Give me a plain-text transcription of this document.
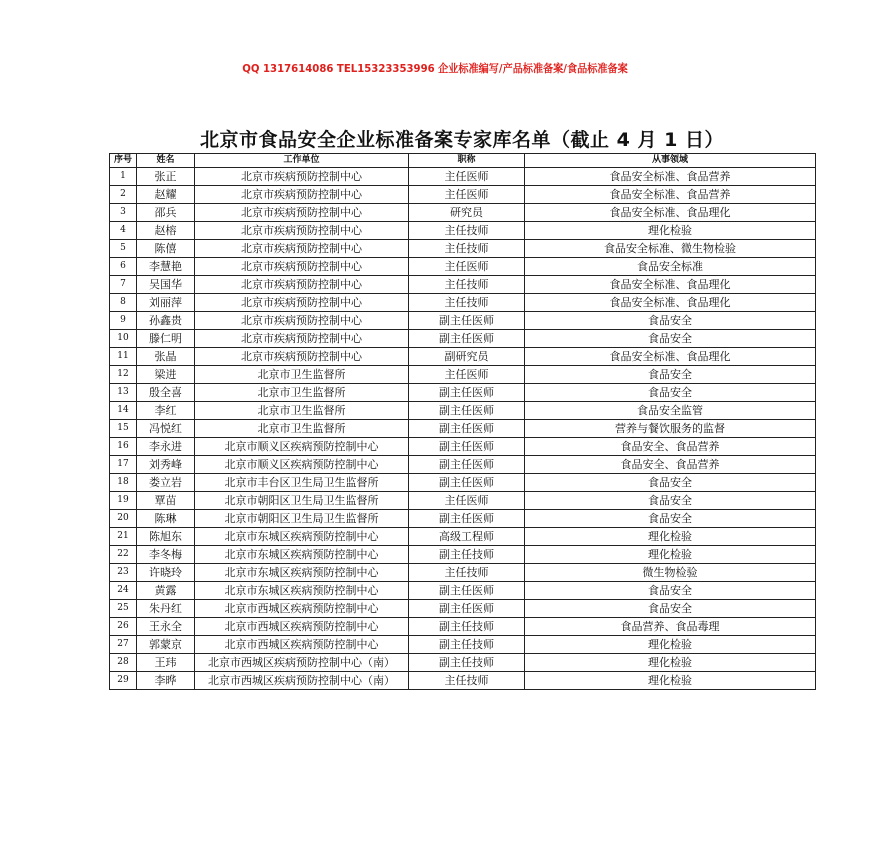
QQ 1317614086 TEL15323353996 企业标准编写/产品标准备案/食品标准备案
北京市食品安全企业标准备案专家库名单（截止 4 月 1 日）
序号	姓名	工作单位	职称	从事领域
1	张正	北京市疾病预防控制中心	主任医师	食品安全标准、食品营养
2	赵耀	北京市疾病预防控制中心	主任医师	食品安全标准、食品营养
3	邵兵	北京市疾病预防控制中心	研究员	食品安全标准、食品理化
4	赵榕	北京市疾病预防控制中心	主任技师	理化检验
5	陈僖	北京市疾病预防控制中心	主任技师	食品安全标准、微生物检验
6	李慧艳	北京市疾病预防控制中心	主任医师	食品安全标准
7	吴国华	北京市疾病预防控制中心	主任技师	食品安全标准、食品理化
8	刘丽萍	北京市疾病预防控制中心	主任技师	食品安全标准、食品理化
9	孙鑫贵	北京市疾病预防控制中心	副主任医师	食品安全
10	滕仁明	北京市疾病预防控制中心	副主任医师	食品安全
11	张晶	北京市疾病预防控制中心	副研究员	食品安全标准、食品理化
12	梁进	北京市卫生监督所	主任医师	食品安全
13	殷全喜	北京市卫生监督所	副主任医师	食品安全
14	李红	北京市卫生监督所	副主任医师	食品安全监管
15	冯悦红	北京市卫生监督所	副主任医师	营养与餐饮服务的监督
16	李永进	北京市顺义区疾病预防控制中心	副主任医师	食品安全、食品营养
17	刘秀峰	北京市顺义区疾病预防控制中心	副主任医师	食品安全、食品营养
18	娄立岩	北京市丰台区卫生局卫生监督所	副主任医师	食品安全
19	覃苗	北京市朝阳区卫生局卫生监督所	主任医师	食品安全
20	陈琳	北京市朝阳区卫生局卫生监督所	副主任医师	食品安全
21	陈旭东	北京市东城区疾病预防控制中心	高级工程师	理化检验
22	李冬梅	北京市东城区疾病预防控制中心	副主任技师	理化检验
23	许晓玲	北京市东城区疾病预防控制中心	主任技师	微生物检验
24	黄露	北京市东城区疾病预防控制中心	副主任医师	食品安全
25	朱丹红	北京市西城区疾病预防控制中心	副主任医师	食品安全
26	王永全	北京市西城区疾病预防控制中心	副主任技师	食品营养、食品毒理
27	郭蒙京	北京市西城区疾病预防控制中心	副主任技师	理化检验
28	王玮	北京市西城区疾病预防控制中心（南）	副主任技师	理化检验
29	李晔	北京市西城区疾病预防控制中心（南）	主任技师	理化检验
